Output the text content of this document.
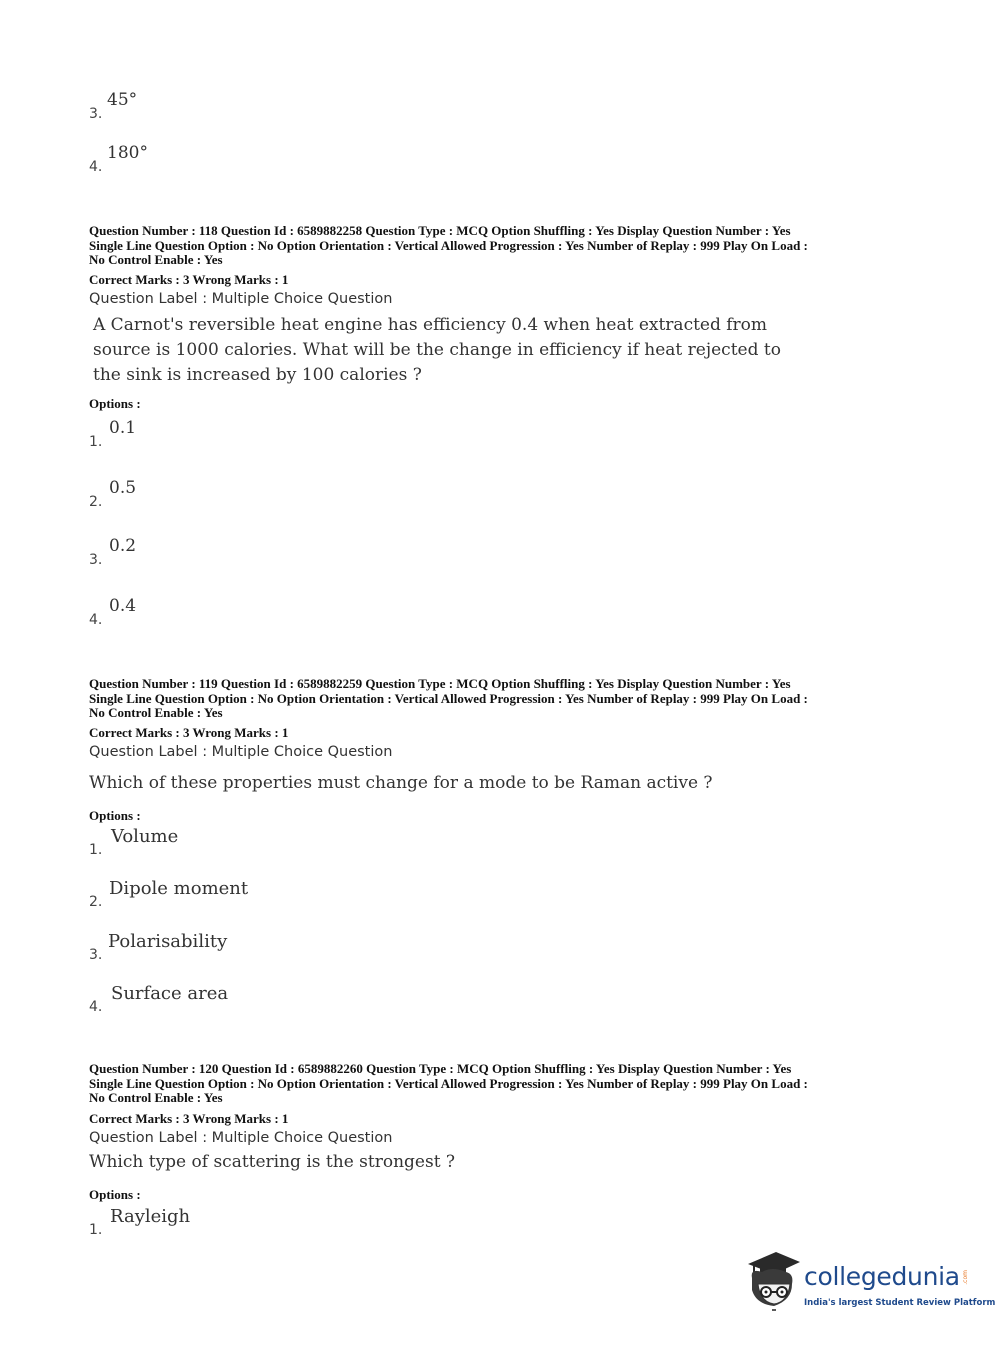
3.
45°
4.
180°
Question Number : 118 Question Id : 6589882258 Question Type : MCQ Option Shuffling : Yes Display Question Number : Yes
Single Line Question Option : No Option Orientation : Vertical Allowed Progression : Yes Number of Replay : 999 Play On Load :
No Control Enable : Yes
Correct Marks : 3 Wrong Marks : 1
Question Label : Multiple Choice Question
A Carnot's reversible heat engine has efficiency 0.4 when heat extracted from
source is 1000 calories. What will be the change in efficiency if heat rejected to
the sink is increased by 100 calories ?
Options :
1.
0.1
2.
0.5
3.
0.2
4.
0.4
Question Number : 119 Question Id : 6589882259 Question Type : MCQ Option Shuffling : Yes Display Question Number : Yes
Single Line Question Option : No Option Orientation : Vertical Allowed Progression : Yes Number of Replay : 999 Play On Load :
No Control Enable : Yes
Correct Marks : 3 Wrong Marks : 1
Question Label : Multiple Choice Question
Which of these properties must change for a mode to be Raman active ?
Options :
1.
Volume
2.
Dipole moment
3.
Polarisability
4.
Surface area
Question Number : 120 Question Id : 6589882260 Question Type : MCQ Option Shuffling : Yes Display Question Number : Yes
Single Line Question Option : No Option Orientation : Vertical Allowed Progression : Yes Number of Replay : 999 Play On Load :
No Control Enable : Yes
Correct Marks : 3 Wrong Marks : 1
Question Label : Multiple Choice Question
Which type of scattering is the strongest ?
Options :
1.
Rayleigh
collegedunia .com
India's largest Student Review Platform
